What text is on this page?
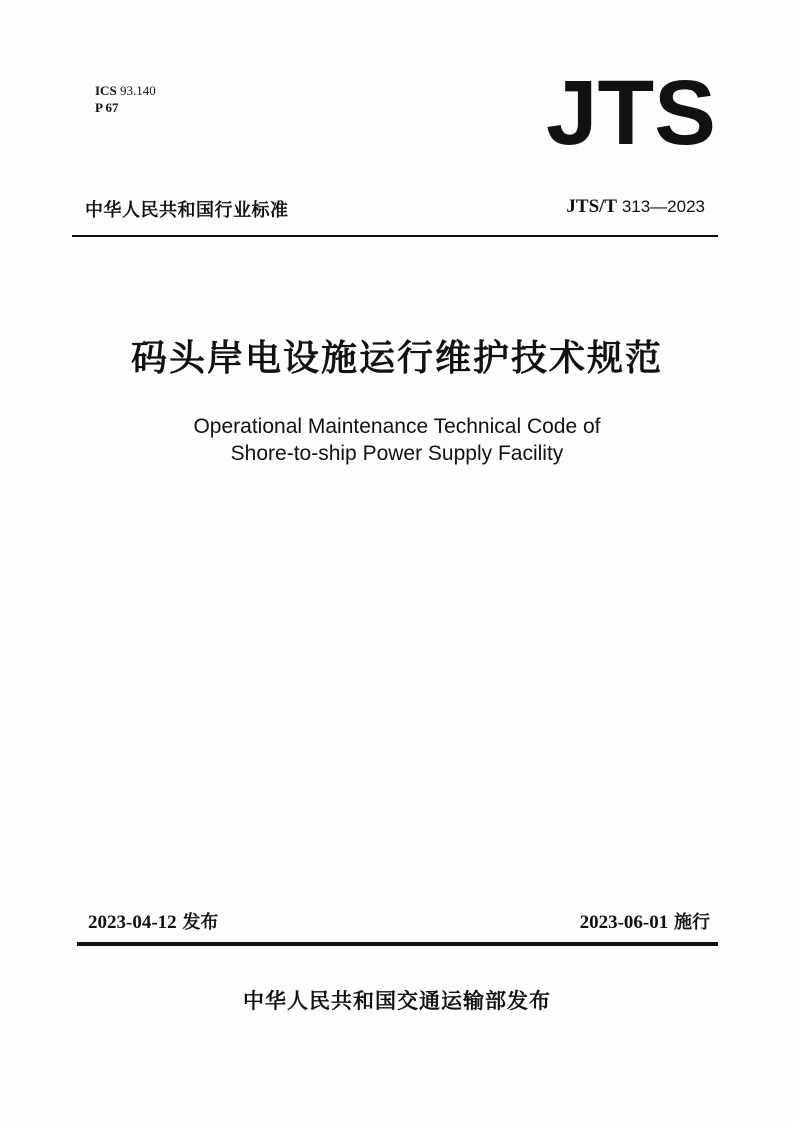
ICS 93.140
P 67	JTS
中华人民共和国行业标准	JTS/T 313—2023
码头岸电设施运行维护技术规范
Operational Maintenance Technical Code of
Shore-to-ship Power Supply Facility
2023-04-12 发布	2023-06-01 施行
中华人民共和国交通运输部发布
